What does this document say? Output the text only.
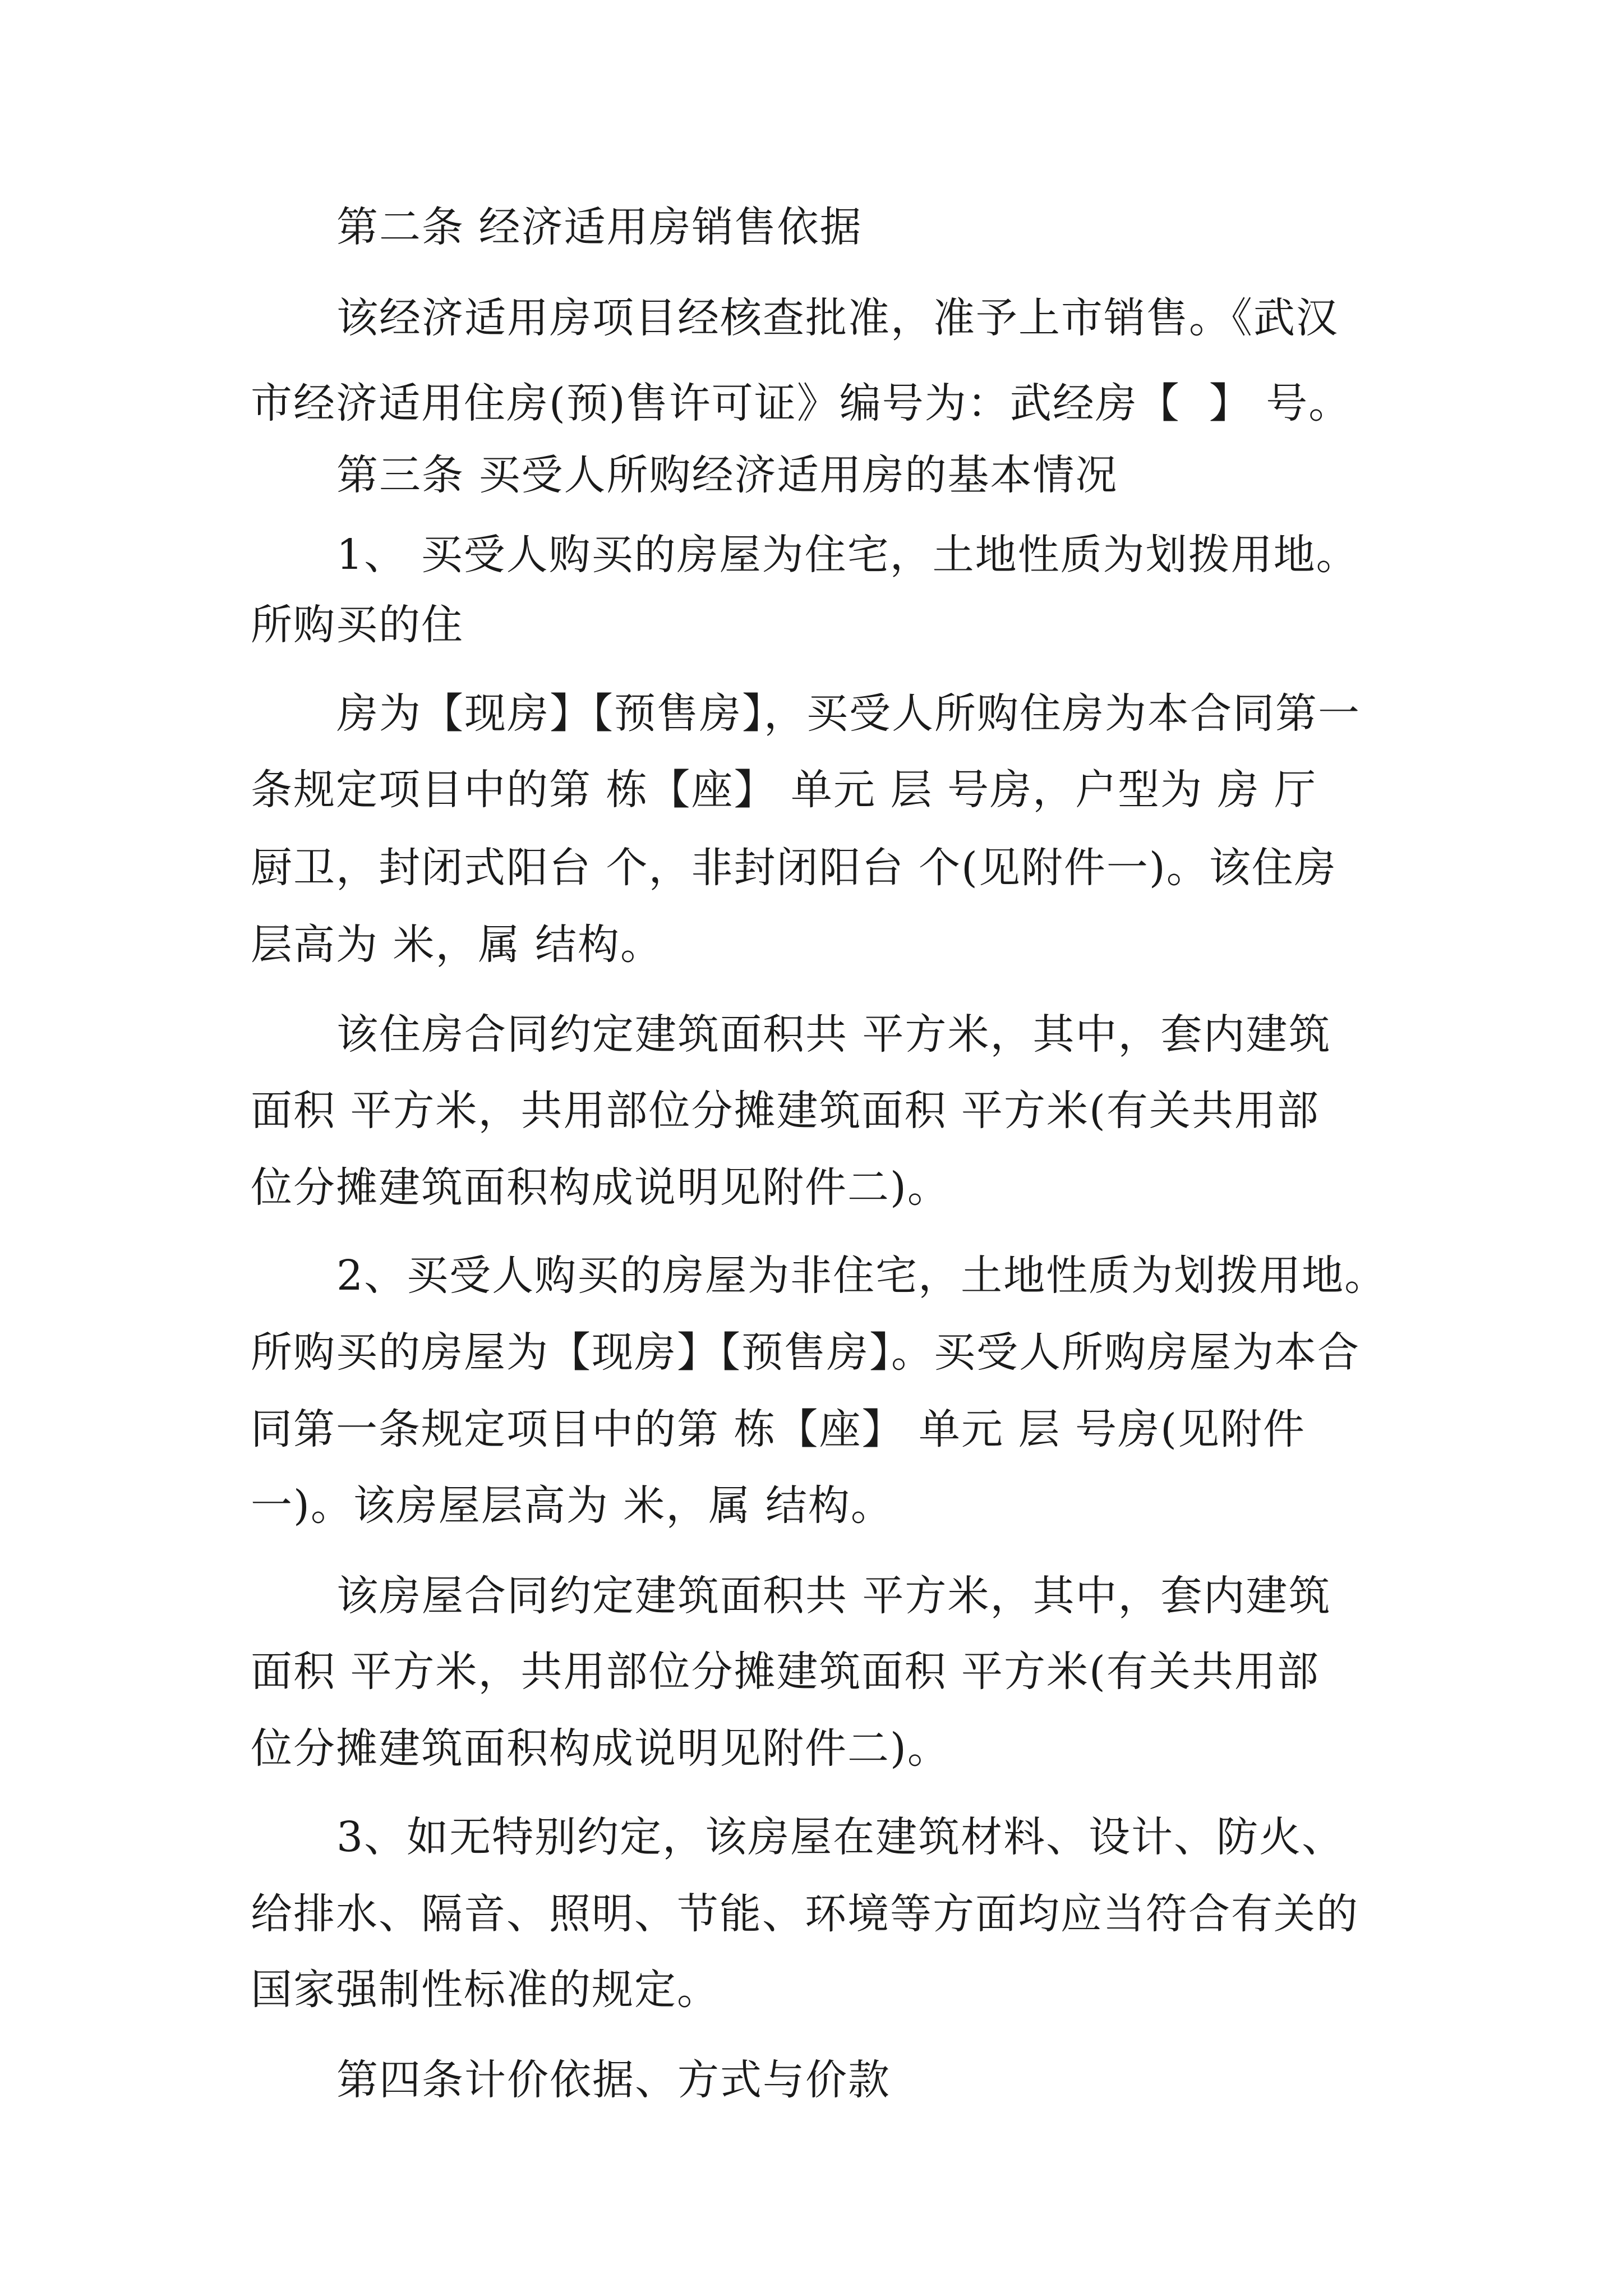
第二条 经济适用房销售依据
该经济适用房项目经核查批准，准予上市销售。《武汉
市经济适用住房(预)售许可证》编号为：武经房【  】 号。
第三条 买受人所购经济适用房的基本情况
1、 买受人购买的房屋为住宅，土地性质为划拨用地。
所购买的住
房为【现房】【预售房】，买受人所购住房为本合同第一
条规定项目中的第 栋【座】 单元 层 号房，户型为 房 厅
厨卫，封闭式阳台 个，非封闭阳台 个(见附件一)。该住房
层高为 米，属 结构。
该住房合同约定建筑面积共 平方米，其中，套内建筑
面积 平方米，共用部位分摊建筑面积 平方米(有关共用部
位分摊建筑面积构成说明见附件二)。
2、买受人购买的房屋为非住宅，土地性质为划拨用地。
所购买的房屋为【现房】【预售房】。买受人所购房屋为本合
同第一条规定项目中的第 栋【座】 单元 层 号房(见附件
一)。该房屋层高为 米，属 结构。
该房屋合同约定建筑面积共 平方米，其中，套内建筑
面积 平方米，共用部位分摊建筑面积 平方米(有关共用部
位分摊建筑面积构成说明见附件二)。
3、如无特别约定，该房屋在建筑材料、设计、防火、
给排水、隔音、照明、节能、环境等方面均应当符合有关的
国家强制性标准的规定。
第四条计价依据、方式与价款
